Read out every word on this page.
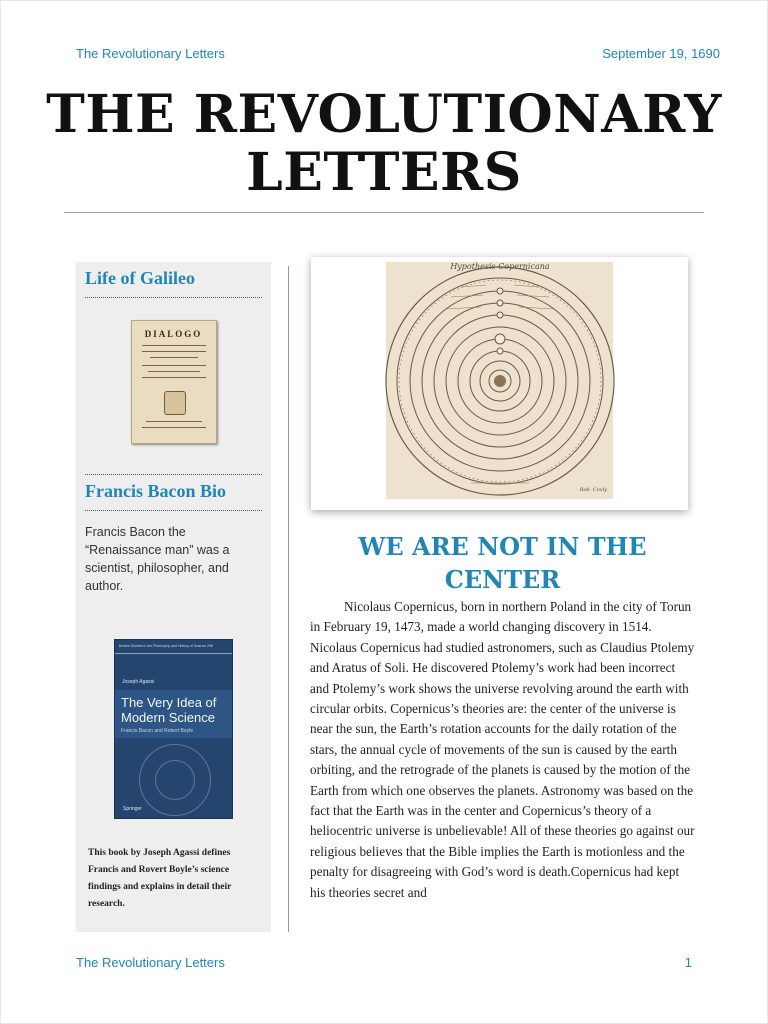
The Revolutionary Letters	September 19, 1690
THE REVOLUTIONARY
LETTERS
Life of Galileo
DIALOGO
Francis Bacon Bio
Francis Bacon the “Renaissance man” was a scientist, philosopher, and author.
Boston Studies in the Philosophy and History of Science 298
Joseph Agassi
The Very Idea of Modern Science
Francis Bacon and Robert Boyle
Springer
This book by Joseph Agassi defines Francis and Rovert Boyle’s science findings and explains in detail their research.
Hypothesis Copernicana
Rob. Coxly
WE ARE NOT IN THE
CENTER

Nicolaus Copernicus, born in northern Poland in the city of Torun in February 19, 1473, made a world changing discovery in 1514. Nicolaus Copernicus had studied astronomers, such as Claudius Ptolemy and Aratus of Soli. He discovered Ptolemy’s work had been incorrect and Ptolemy’s work shows the universe revolving around the earth with circular orbits. Copernicus’s theories are: the center of the universe is near the sun, the Earth’s rotation accounts for the daily rotation of the stars, the annual cycle of movements of the sun is caused by the earth orbiting, and the retrograde of the planets is caused by the motion of the Earth from which one observes the planets. Astronomy was based on the fact that the Earth was in the center and Copernicus’s theory of a heliocentric universe is unbelievable! All of these theories go against our religious believes that the Bible implies the Earth is motionless and the penalty for disagreeing with God’s word is death.Copernicus had kept his theories secret and

The Revolutionary Letters	1
